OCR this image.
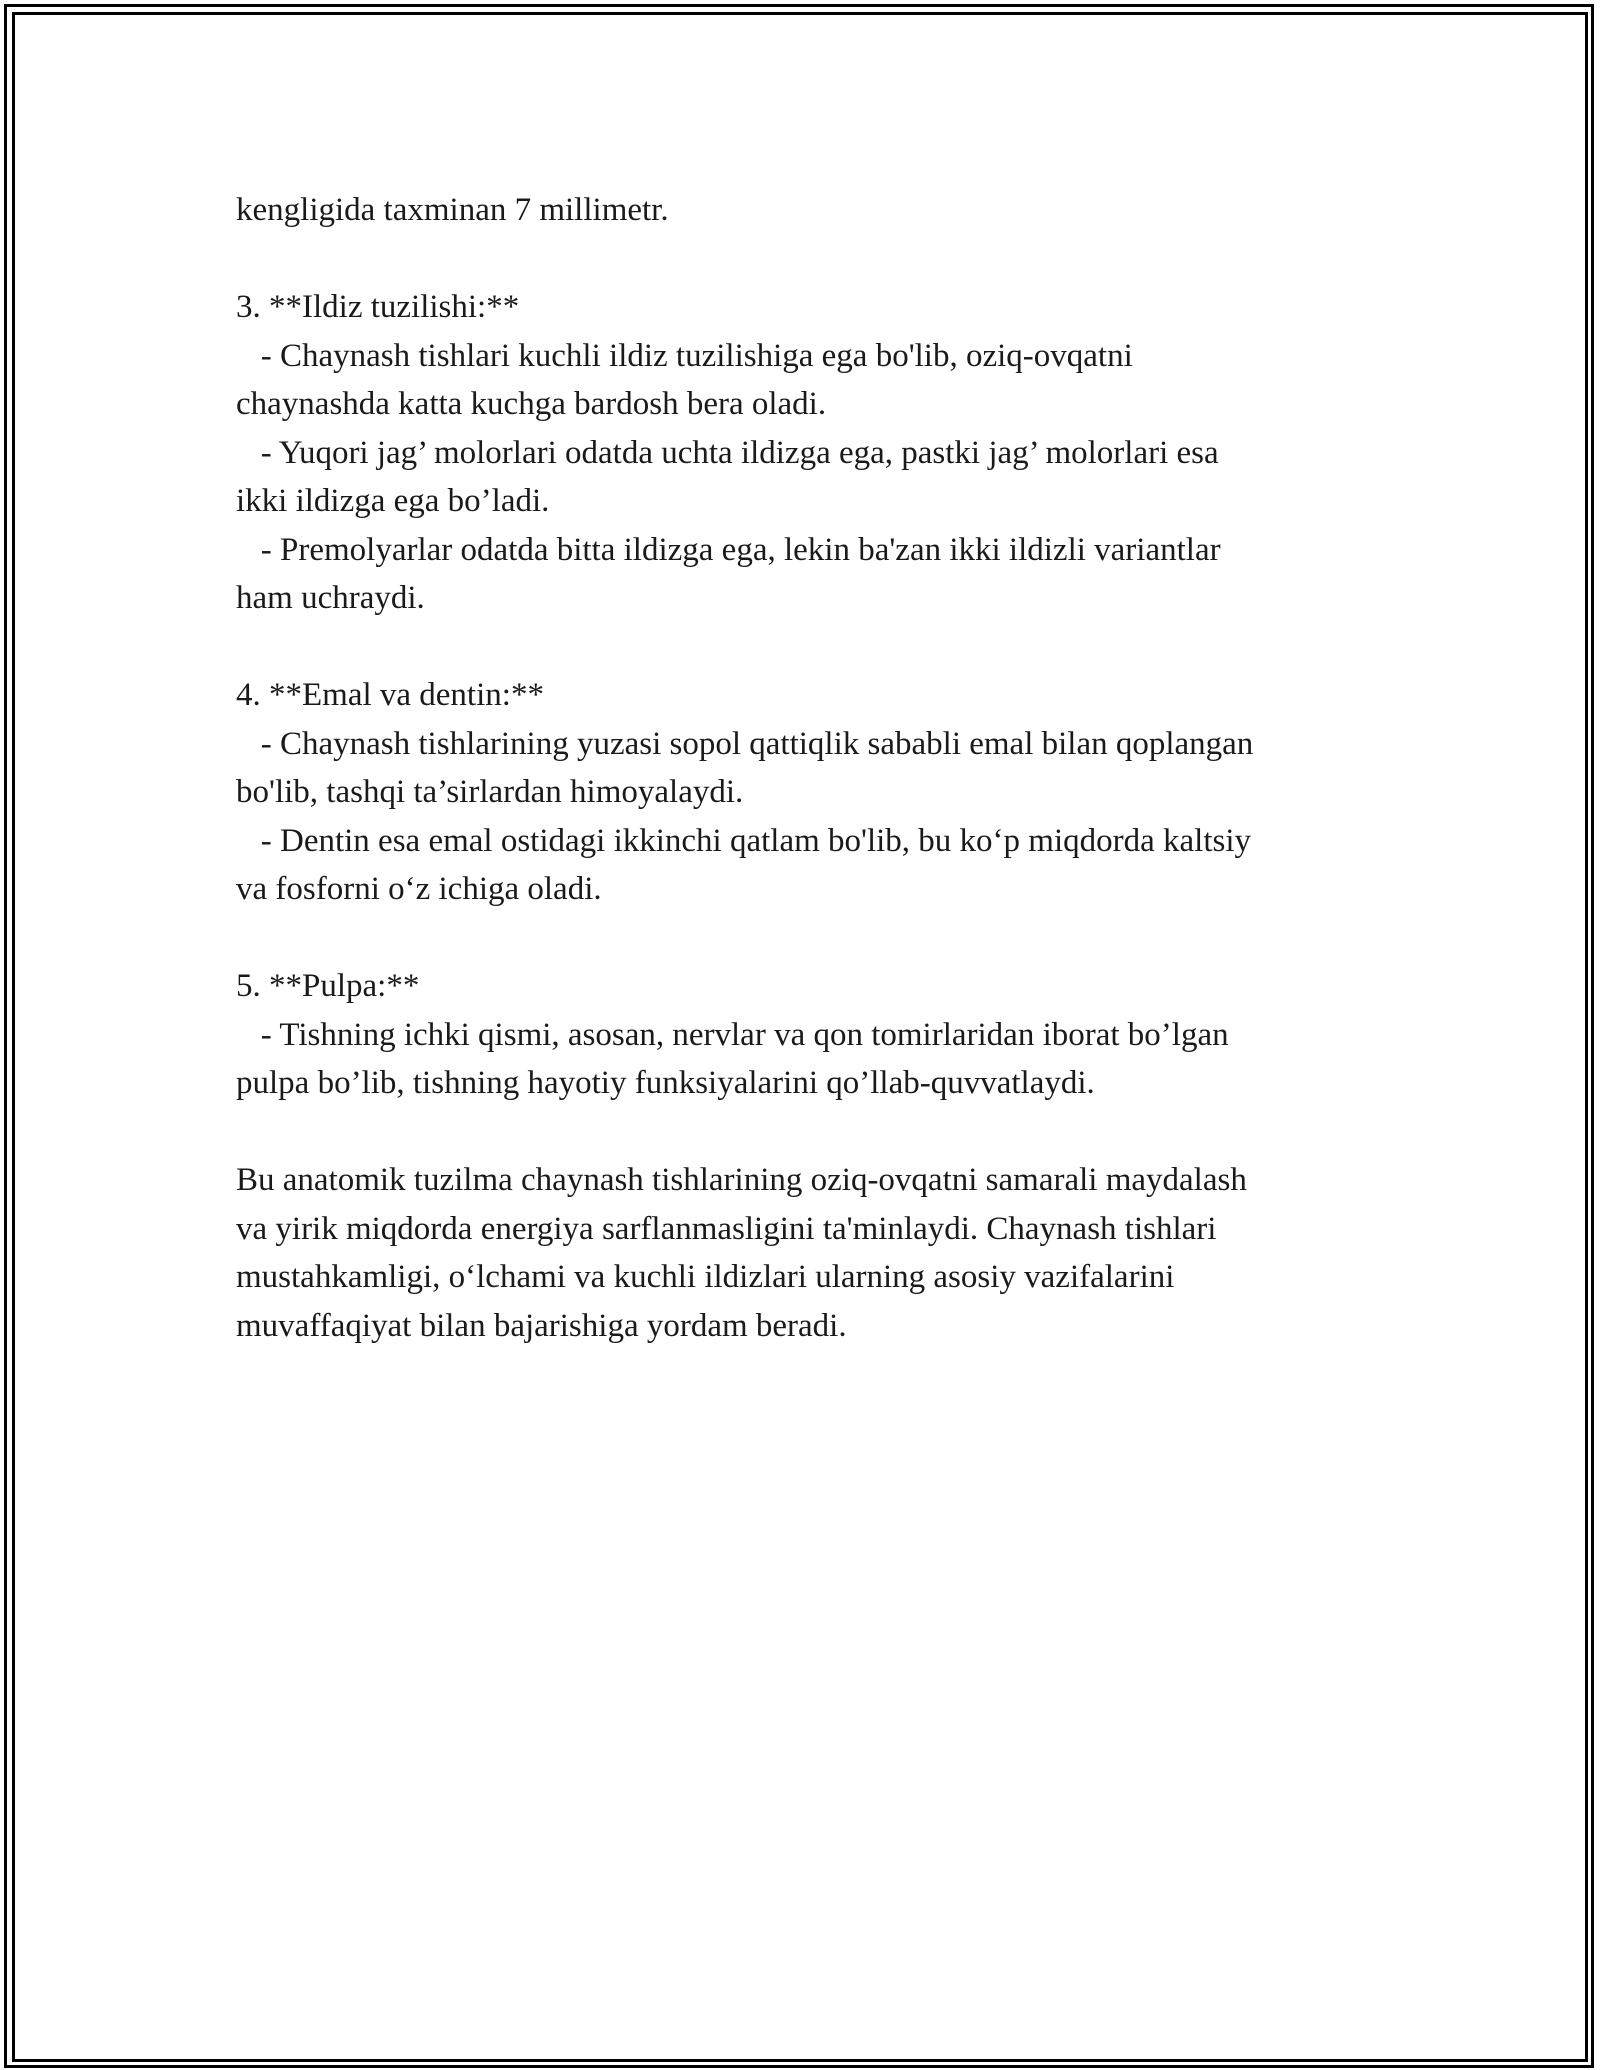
kengligida taxminan 7 millimetr.
3. **Ildiz tuzilishi:**
- Chaynash tishlari kuchli ildiz tuzilishiga ega bo'lib, oziq-ovqatni
chaynashda katta kuchga bardosh bera oladi.
- Yuqori jag’ molorlari odatda uchta ildizga ega, pastki jag’ molorlari esa
ikki ildizga ega bo’ladi.
- Premolyarlar odatda bitta ildizga ega, lekin ba'zan ikki ildizli variantlar
ham uchraydi.
4. **Emal va dentin:**
- Chaynash tishlarining yuzasi sopol qattiqlik sababli emal bilan qoplangan
bo'lib, tashqi ta’sirlardan himoyalaydi.
- Dentin esa emal ostidagi ikkinchi qatlam bo'lib, bu ko‘p miqdorda kaltsiy
va fosforni o‘z ichiga oladi.
5. **Pulpa:**
- Tishning ichki qismi, asosan, nervlar va qon tomirlaridan iborat bo’lgan
pulpa bo’lib, tishning hayotiy funksiyalarini qo’llab-quvvatlaydi.
Bu anatomik tuzilma chaynash tishlarining oziq-ovqatni samarali maydalash
va yirik miqdorda energiya sarflanmasligini ta'minlaydi. Chaynash tishlari
mustahkamligi, o‘lchami va kuchli ildizlari ularning asosiy vazifalarini
muvaffaqiyat bilan bajarishiga yordam beradi.
